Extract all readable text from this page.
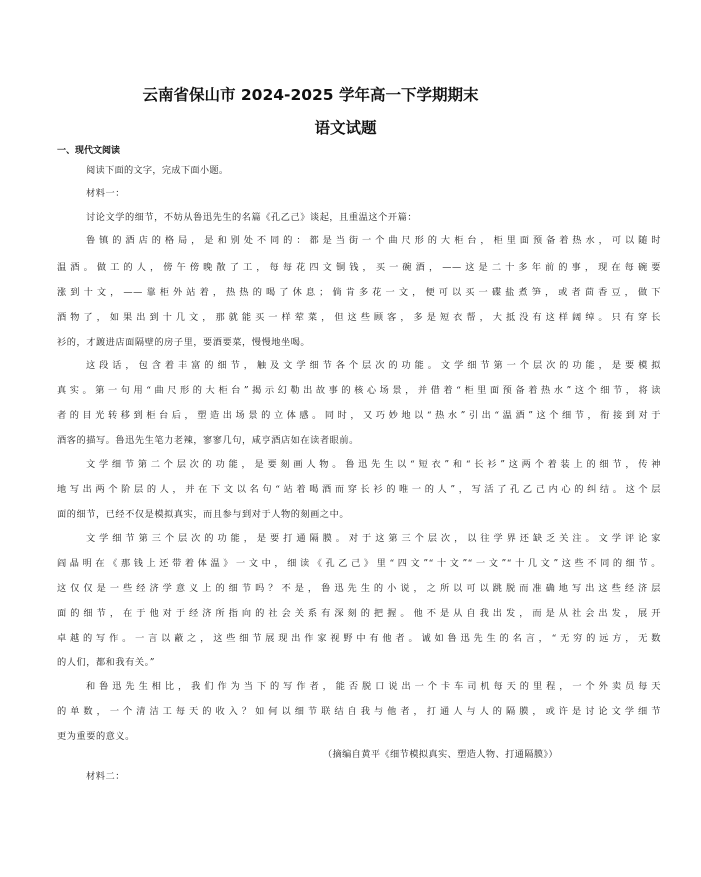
云南省保山市 2024-2025 学年高一下学期期末
语文试题
一、现代文阅读
阅读下面的文字，完成下面小题。
材料一：
讨论文学的细节，不妨从鲁迅先生的名篇《孔乙己》谈起，且重温这个开篇：
鲁镇的酒店的格局，是和别处不同的：都是当街一个曲尺形的大柜台，柜里面预备着热水，可以随时
温酒。做工的人，傍午傍晚散了工，每每花四文铜钱，买一碗酒，——这是二十多年前的事，现在每碗要
涨到十文，——靠柜外站着，热热的喝了休息；倘肯多花一文，便可以买一碟盐煮笋，或者茴香豆，做下
酒物了，如果出到十几文，那就能买一样荤菜，但这些顾客，多是短衣帮，大抵没有这样阔绰。只有穿长
衫的，才踱进店面隔壁的房子里，要酒要菜，慢慢地坐喝。
这段话，包含着丰富的细节，触及文学细节各个层次的功能。文学细节第一个层次的功能，是要模拟
真实。第一句用“曲尺形的大柜台”揭示幻勒出故事的核心场景，并借着“柜里面预备着热水”这个细节，将读
者的目光转移到柜台后，塑造出场景的立体感。同时，又巧妙地以“热水”引出“温酒”这个细节，衔接到对于
酒客的描写。鲁迅先生笔力老辣，寥寥几句，咸亨酒店如在读者眼前。
文学细节第二个层次的功能，是要刻画人物。鲁迅先生以“短衣”和“长衫”这两个着装上的细节，传神
地写出两个阶层的人，并在下文以名句“站着喝酒而穿长衫的唯一的人”，写活了孔乙己内心的纠结。这个层
面的细节，已经不仅是模拟真实，而且参与到对于人物的刻画之中。
文学细节第三个层次的功能，是要打通隔膜。对于这第三个层次，以往学界还缺乏关注。文学评论家
阎晶明在《那钱上还带着体温》一文中，细读《孔乙己》里“四文”“十文”“一文”“十几文”这些不同的细节。
这仅仅是一些经济学意义上的细节吗？不是，鲁迅先生的小说，之所以可以跳脱而准确地写出这些经济层
面的细节，在于他对于经济所指向的社会关系有深刻的把握。他不是从自我出发，而是从社会出发，展开
卓越的写作。一言以蔽之，这些细节展现出作家视野中有他者。诚如鲁迅先生的名言，“无穷的远方，无数
的人们，都和我有关。”
和鲁迅先生相比，我们作为当下的写作者，能否脱口说出一个卡车司机每天的里程，一个外卖员每天
的单数，一个清洁工每天的收入？如何以细节联结自我与他者，打通人与人的隔膜，或许是讨论文学细节
更为重要的意义。
（摘编自黄平《细节模拟真实、塑造人物、打通隔膜》）
材料二：
